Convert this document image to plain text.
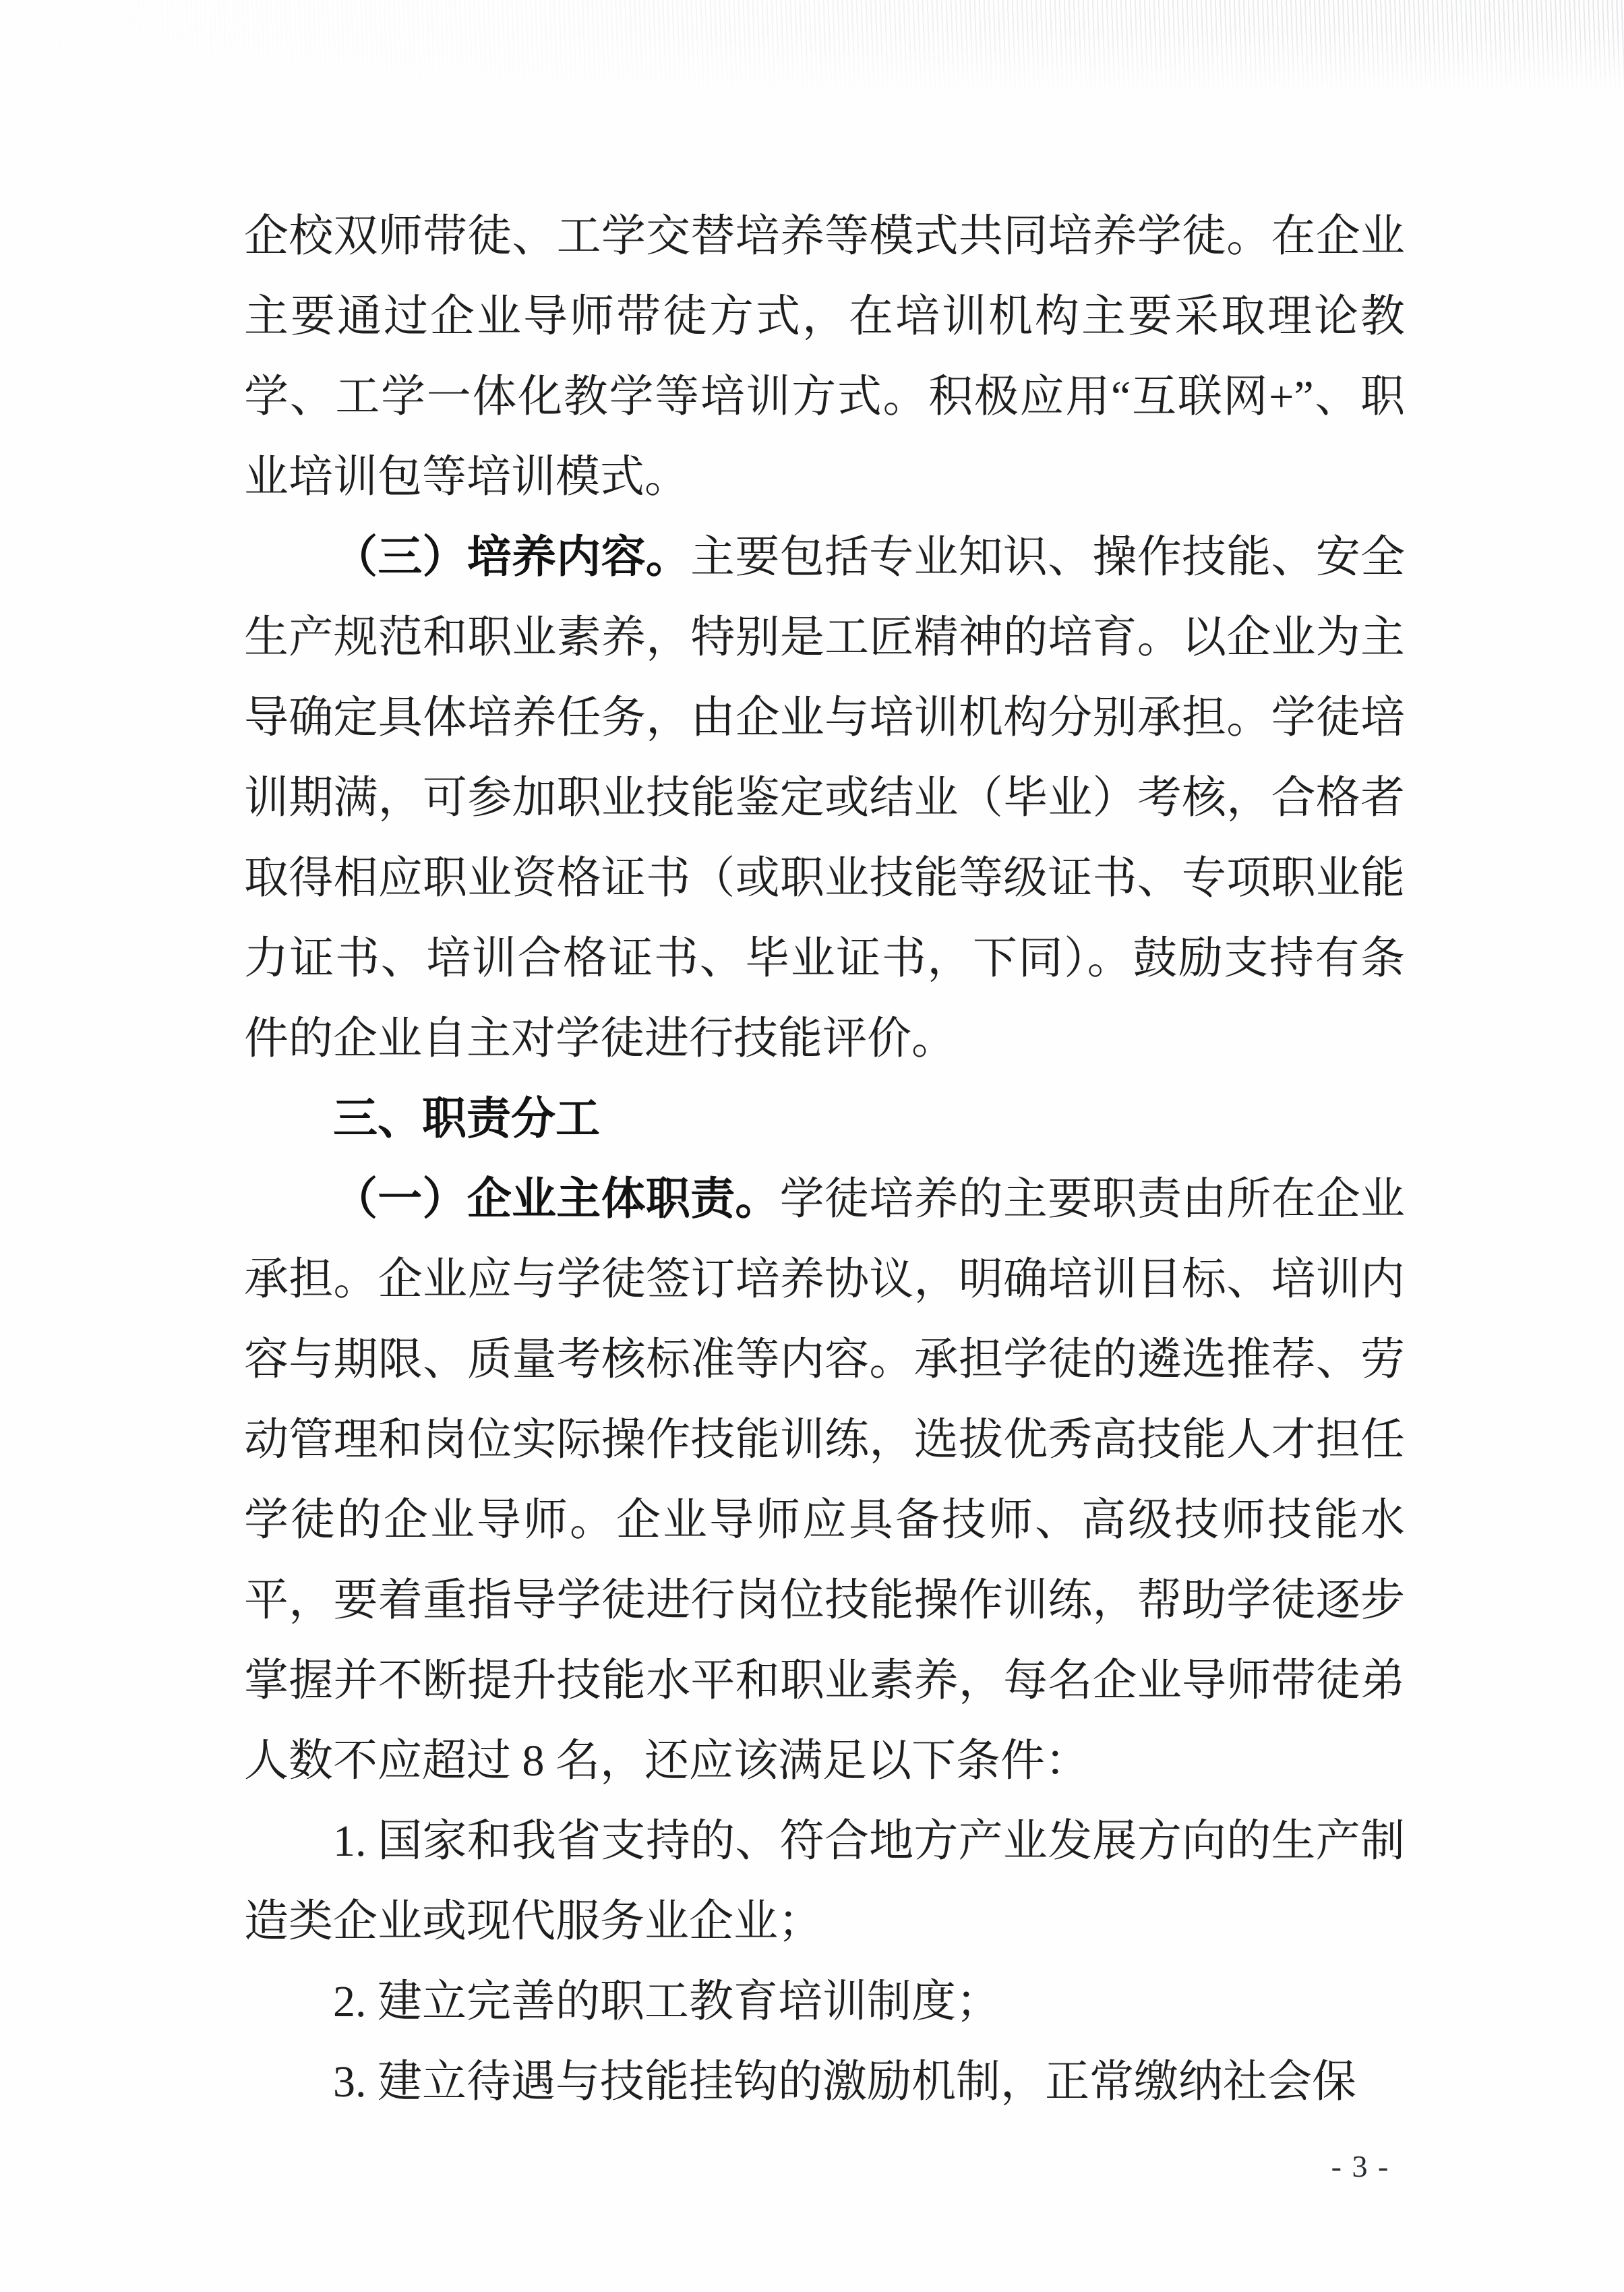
企校双师带徒、工学交替培养等模式共同培养学徒。在企业主要通过企业导师带徒方式，在培训机构主要采取理论教学、工学一体化教学等培训方式。积极应用“互联网+”、职业培训包等培训模式。

（三）培养内容。主要包括专业知识、操作技能、安全生产规范和职业素养，特别是工匠精神的培育。以企业为主导确定具体培养任务，由企业与培训机构分别承担。学徒培训期满，可参加职业技能鉴定或结业（毕业）考核，合格者取得相应职业资格证书（或职业技能等级证书、专项职业能力证书、培训合格证书、毕业证书，下同）。鼓励支持有条件的企业自主对学徒进行技能评价。

三、职责分工

（一）企业主体职责。学徒培养的主要职责由所在企业承担。企业应与学徒签订培养协议，明确培训目标、培训内容与期限、质量考核标准等内容。承担学徒的遴选推荐、劳动管理和岗位实际操作技能训练，选拔优秀高技能人才担任学徒的企业导师。企业导师应具备技师、高级技师技能水平，要着重指导学徒进行岗位技能操作训练，帮助学徒逐步掌握并不断提升技能水平和职业素养，每名企业导师带徒弟人数不应超过 8 名，还应该满足以下条件：

1. 国家和我省支持的、符合地方产业发展方向的生产制造类企业或现代服务业企业；

2. 建立完善的职工教育培训制度；

3. 建立待遇与技能挂钩的激励机制，正常缴纳社会保

- 3 -
